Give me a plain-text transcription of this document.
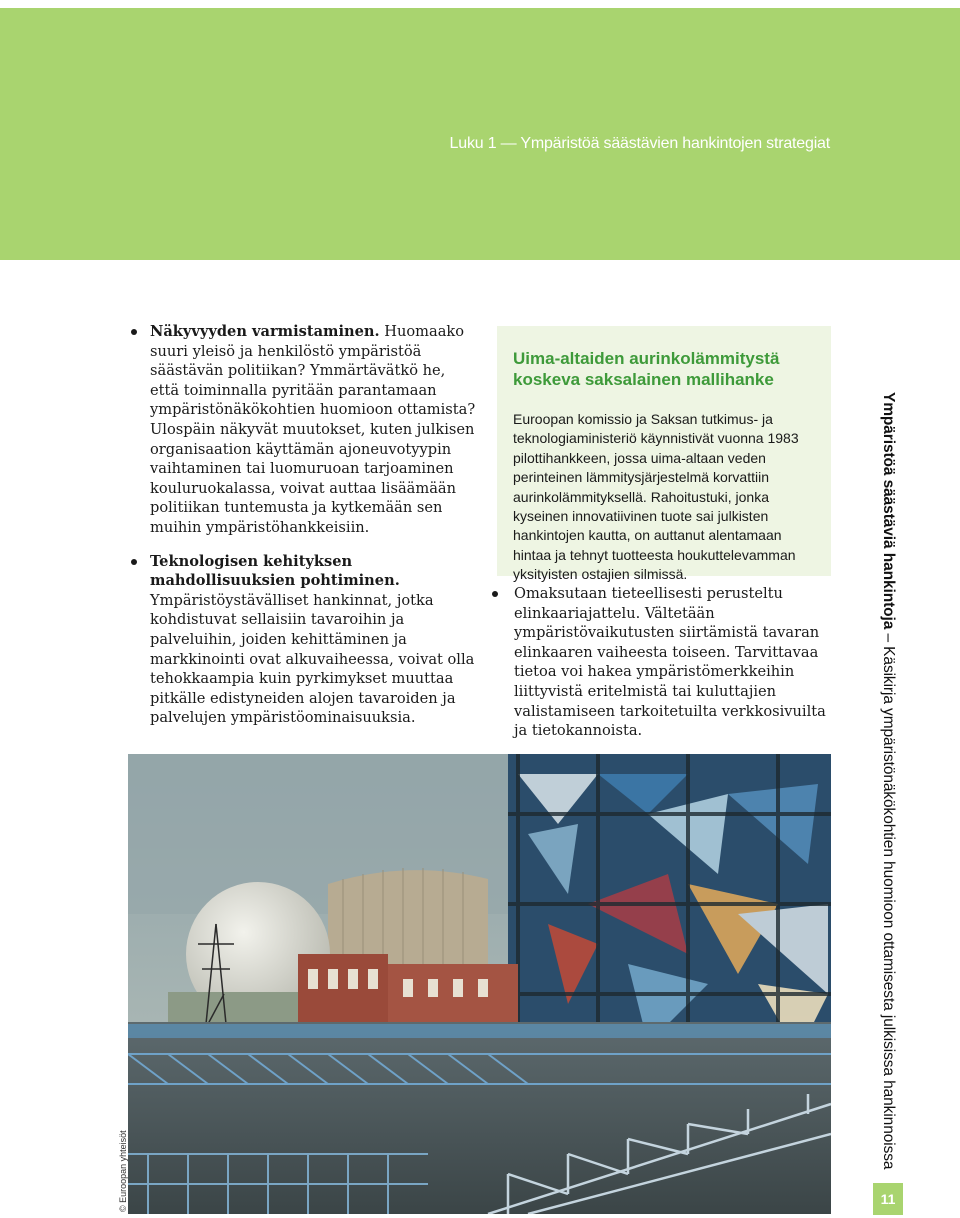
Luku 1 — Ympäristöä säästävien hankintojen strategiat
Näkyvyyden varmistaminen. Huomaako suuri yleisö ja henkilöstö ympäristöä säästävän politiikan? Ymmärtävätkö he, että toiminnalla pyritään parantamaan ympäristönäkökohtien huomioon ottamista? Ulospäin näkyvät muutokset, kuten julkisen organisaation käyttämän ajoneuvotyypin vaihtaminen tai luomuruoan tarjoaminen kouluruokalassa, voivat auttaa lisäämään politiikan tuntemusta ja kytkemään sen muihin ympäristöhankkeisiin.
Teknologisen kehityksen mahdollisuuksien pohtiminen. Ympäristöystävälliset hankinnat, jotka kohdistuvat sellaisiin tavaroihin ja palveluihin, joiden kehittäminen ja markkinointi ovat alkuvaiheessa, voivat olla tehokkaampia kuin pyrkimykset muuttaa pitkälle edistyneiden alojen tavaroiden ja palvelujen ympäristöominaisuuksia.
Uima-altaiden aurinkolämmitystä koskeva saksalainen mallihanke
Euroopan komissio ja Saksan tutkimus- ja teknologiaministeriö käynnistivät vuonna 1983 pilottihankkeen, jossa uima-altaan veden perinteinen lämmitysjärjestelmä korvattiin aurinkolämmityksellä. Rahoitustuki, jonka kyseinen innovatiivinen tuote sai julkisten hankintojen kautta, on auttanut alentamaan hintaa ja tehnyt tuotteesta houkuttelevamman yksityisten ostajien silmissä.
Omaksutaan tieteellisesti perusteltu elinkaariajattelu. Vältetään ympäristövaikutusten siirtämistä tavaran elinkaaren vaiheesta toiseen. Tarvittavaa tietoa voi hakea ympäristömerkkeihin liittyvistä eritelmistä tai kuluttajien valistamiseen tarkoitetuilta verkkosivuilta ja tietokannoista.
© Euroopan yhteisöt
Ympäristöä säästäviä hankintoja – Käsikirja ympäristönäkökohtien huomioon ottamisesta julkisissa hankinnoissa
11
